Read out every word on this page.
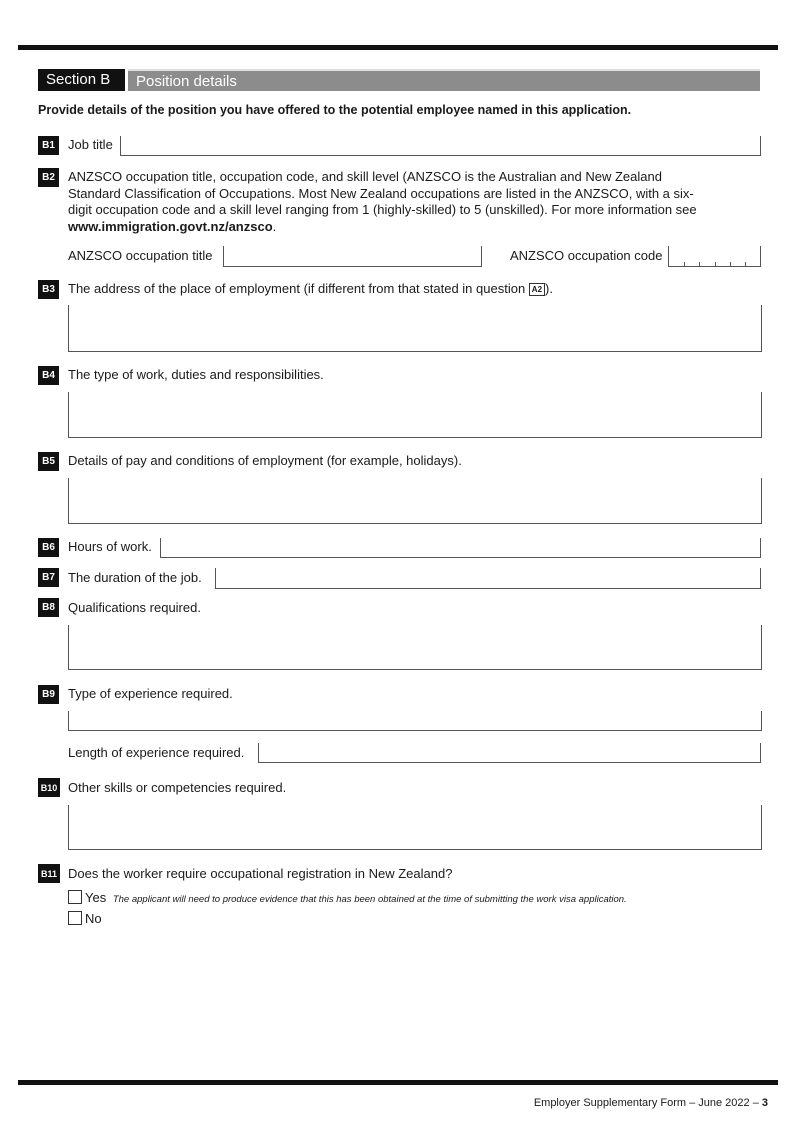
Section B	Position details
Provide details of the position you have offered to the potential employee named in this application.
B1	Job title
B2	ANZSCO occupation title, occupation code, and skill level (ANZSCO is the Australian and New Zealand Standard Classification of Occupations. Most New Zealand occupations are listed in the ANZSCO, with a six-digit occupation code and a skill level ranging from 1 (highly-skilled) to 5 (unskilled). For more information see www.immigration.govt.nz/anzsco.
ANZSCO occupation title	ANZSCO occupation code
B3	The address of the place of employment (if different from that stated in question A2 ).
B4	The type of work, duties and responsibilities.
B5	Details of pay and conditions of employment (for example, holidays).
B6	Hours of work.
B7	The duration of the job.
B8	Qualifications required.
B9	Type of experience required.
Length of experience required.
B10 Other skills or competencies required.
B11 Does the worker require occupational registration in New Zealand?
Yes The applicant will need to produce evidence that this has been obtained at the time of submitting the work visa application.
No
Employer Supplementary Form – June 2022 – 3
